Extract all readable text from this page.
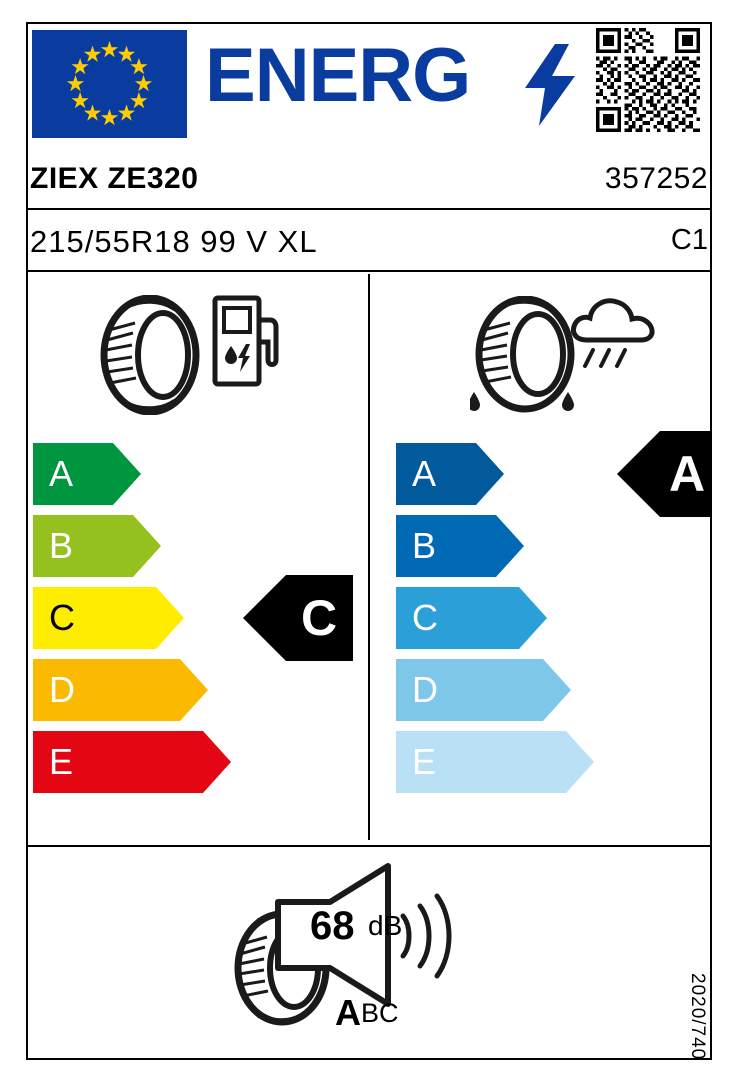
ENERG
ZIEX ZE320	357252
215/55R18 99 V XL	C1
A
B
C
D
E
C
A
B
C
D
E
A
68 dB
A BC	2020/740
